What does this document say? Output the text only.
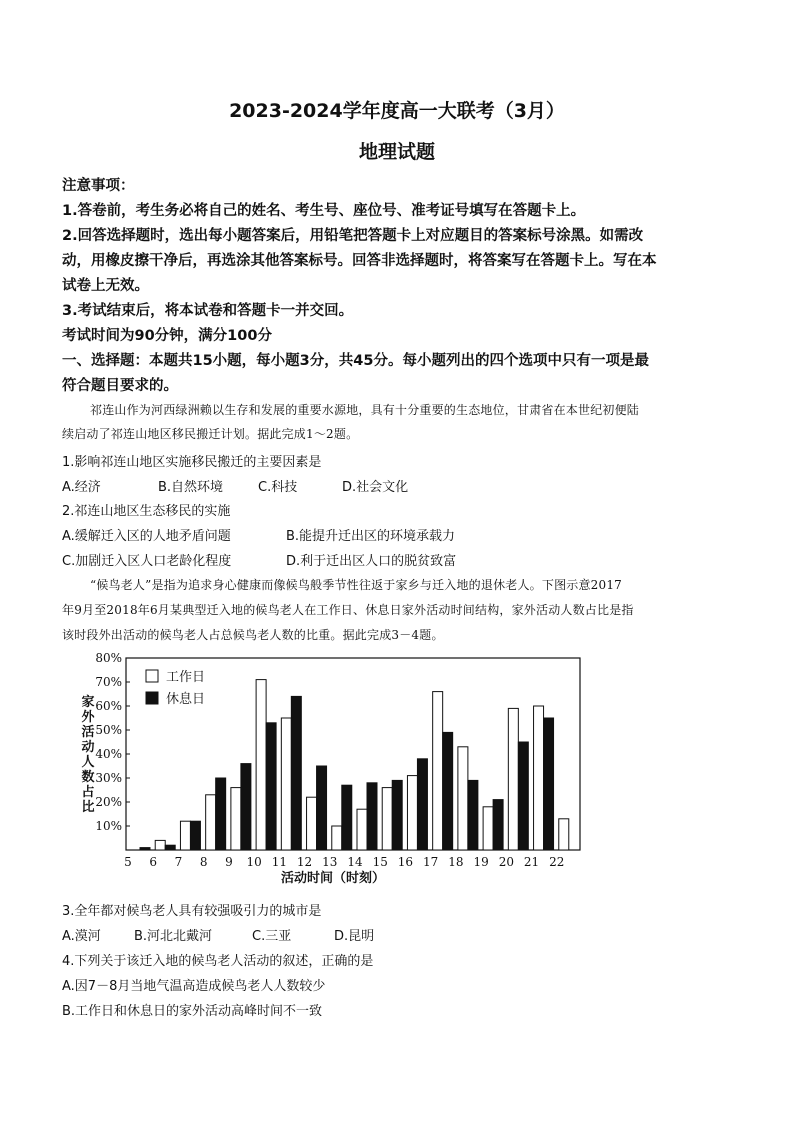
2023-2024学年度高一大联考（3月）
地理试题
注意事项：
1.答卷前，考生务必将自己的姓名、考生号、座位号、准考证号填写在答题卡上。
2.回答选择题时，选出每小题答案后，用铅笔把答题卡上对应题目的答案标号涂黑。如需改
动，用橡皮擦干净后，再选涂其他答案标号。回答非选择题时，将答案写在答题卡上。写在本
试卷上无效。
3.考试结束后，将本试卷和答题卡一并交回。
考试时间为90分钟，满分100分
一、选择题：本题共15小题，每小题3分，共45分。每小题列出的四个选项中只有一项是最
符合题目要求的。
祁连山作为河西绿洲赖以生存和发展的重要水源地，具有十分重要的生态地位，甘肃省在本世纪初便陆
续启动了祁连山地区移民搬迁计划。据此完成1～2题。
1.影响祁连山地区实施移民搬迁的主要因素是
A.经济	B.自然环境	C.科技	D.社会文化
2.祁连山地区生态移民的实施
A.缓解迁入区的人地矛盾问题	B.能提升迁出区的环境承载力
C.加剧迁入区人口老龄化程度	D.利于迁出区人口的脱贫致富
“候鸟老人”是指为追求身心健康而像候鸟般季节性往返于家乡与迁入地的退休老人。下图示意2017
年9月至2018年6月某典型迁入地的候鸟老人在工作日、休息日家外活动时间结构，家外活动人数占比是指
该时段外出活动的候鸟老人占总候鸟老人数的比重。据此完成3－4题。
10%
20%
30%
40%
50%
60%
70%
80%
家
外
活
动
人
数
占
比
5 6 7 8 9 10 11 12 13 14 15 16 17 18 19 20 21 22
活动时间（时刻）
工作日
休息日
3.全年都对候鸟老人具有较强吸引力的城市是
A.漠河	B.河北北戴河	C.三亚	D.昆明
4.下列关于该迁入地的候鸟老人活动的叙述，正确的是
A.因7－8月当地气温高造成候鸟老人人数较少
B.工作日和休息日的家外活动高峰时间不一致
